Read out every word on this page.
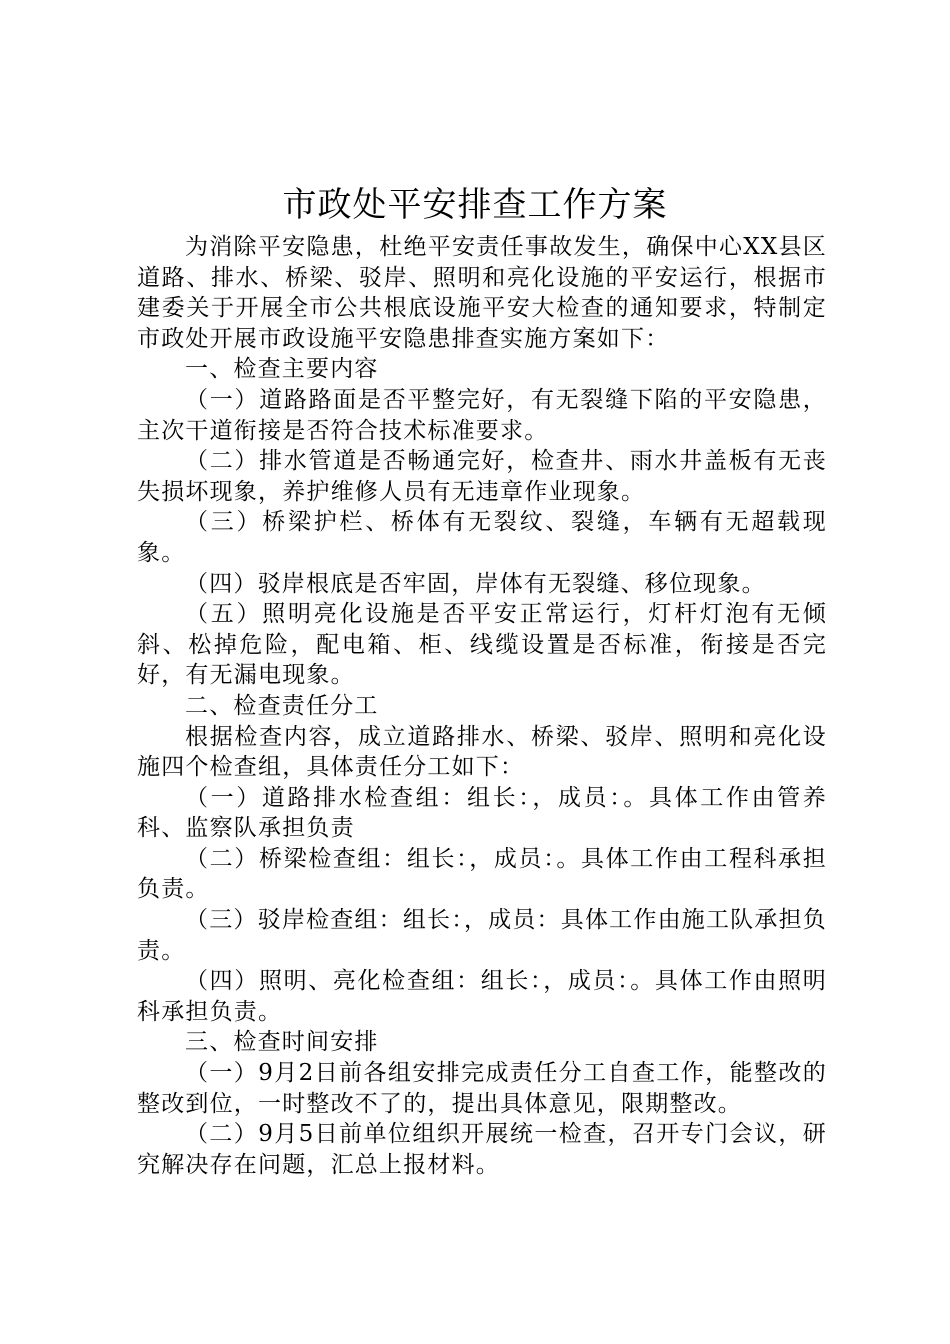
市政处平安排查工作方案

为消除平安隐患，杜绝平安责任事故发生，确保中心XX县区道路、排水、桥梁、驳岸、照明和亮化设施的平安运行，根据市建委关于开展全市公共根底设施平安大检查的通知要求，特制定市政处开展市政设施平安隐患排查实施方案如下：

一、检查主要内容

（一）道路路面是否平整完好，有无裂缝下陷的平安隐患，主次干道衔接是否符合技术标准要求。

（二）排水管道是否畅通完好，检查井、雨水井盖板有无丧失损坏现象，养护维修人员有无违章作业现象。

（三）桥梁护栏、桥体有无裂纹、裂缝，车辆有无超载现象。

（四）驳岸根底是否牢固，岸体有无裂缝、移位现象。

（五）照明亮化设施是否平安正常运行，灯杆灯泡有无倾斜、松掉危险，配电箱、柜、线缆设置是否标准，衔接是否完好，有无漏电现象。

二、检查责任分工

根据检查内容，成立道路排水、桥梁、驳岸、照明和亮化设施四个检查组，具体责任分工如下：

（一）道路排水检查组：组长：，成员：。具体工作由管养科、监察队承担负责

（二）桥梁检查组：组长：，成员：。具体工作由工程科承担负责。

（三）驳岸检查组：组长：，成员：具体工作由施工队承担负责。

（四）照明、亮化检查组：组长：，成员：。具体工作由照明科承担负责。

三、检查时间安排

（一）9月2日前各组安排完成责任分工自查工作，能整改的整改到位，一时整改不了的，提出具体意见，限期整改。

（二）9月5日前单位组织开展统一检查，召开专门会议，研究解决存在问题，汇总上报材料。
